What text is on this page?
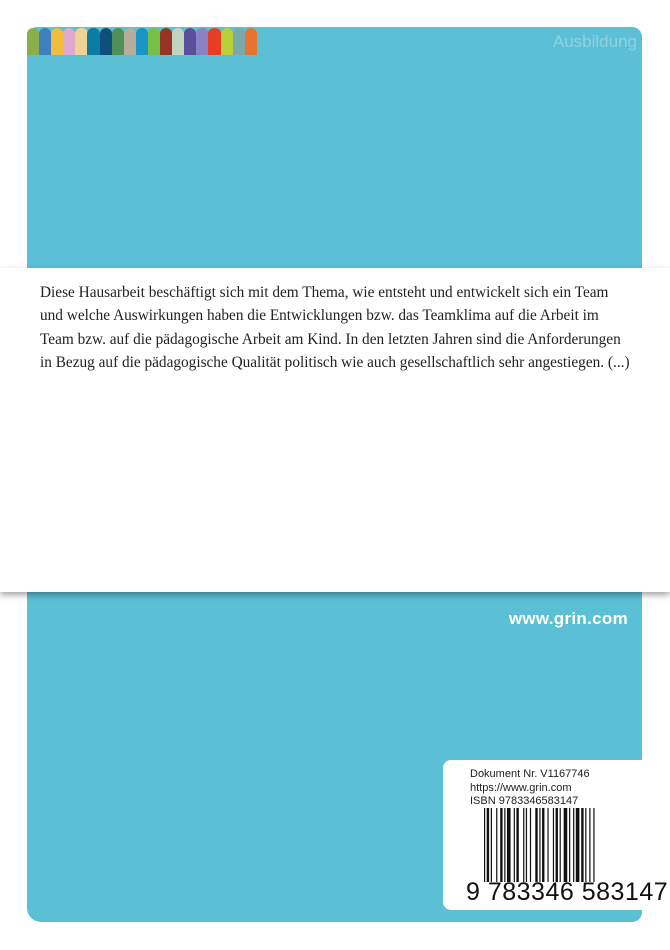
Ausbildung
Diese Hausarbeit beschäftigt sich mit dem Thema, wie entsteht und entwickelt sich ein Team und welche Auswirkungen haben die Entwicklungen bzw. das Teamklima auf die Arbeit im Team bzw. auf die pädagogische Arbeit am Kind. In den letzten Jahren sind die Anforderungen in Bezug auf die pädagogische Qualität politisch wie auch gesellschaftlich sehr angestiegen. (...)
www.grin.com
Dokument Nr. V1167746
https://www.grin.com
ISBN 9783346583147
9 783346 583147
